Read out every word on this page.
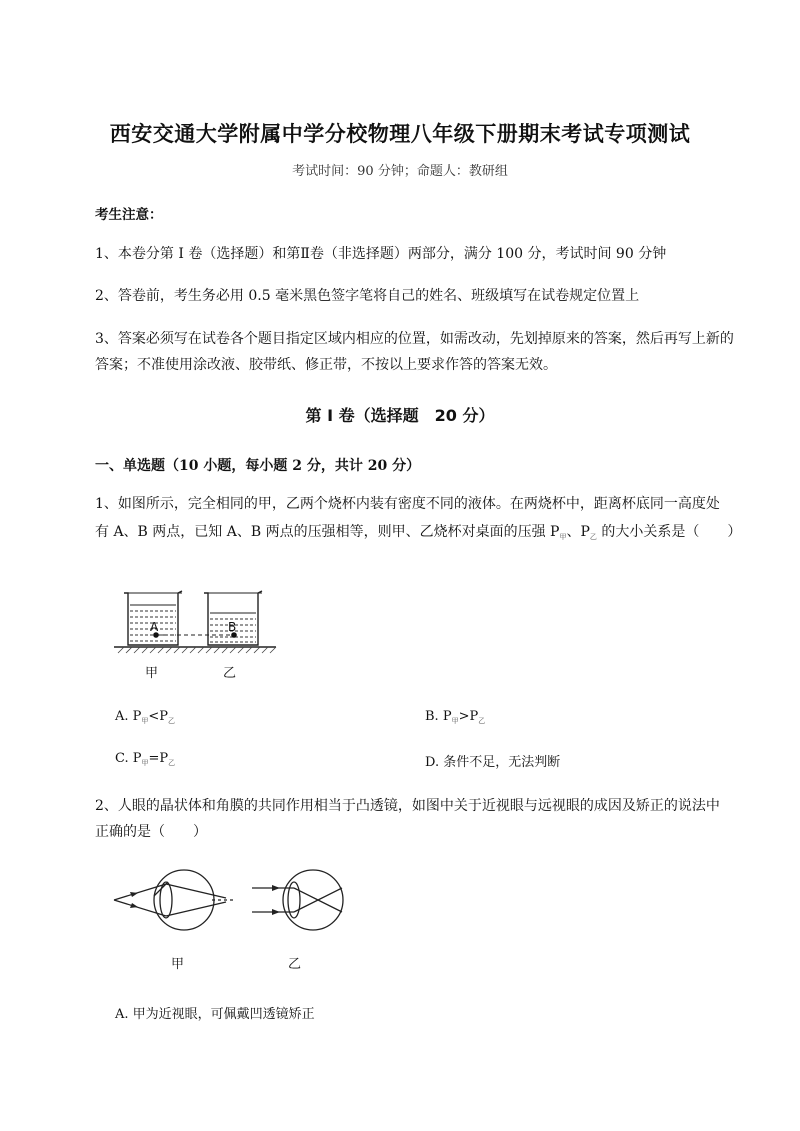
西安交通大学附属中学分校物理八年级下册期末考试专项测试
考试时间：90 分钟；命题人：教研组
考生注意：
1、本卷分第 I 卷（选择题）和第Ⅱ卷（非选择题）两部分，满分 100 分，考试时间 90 分钟
2、答卷前，考生务必用 0.5 毫米黑色签字笔将自己的姓名、班级填写在试卷规定位置上
3、答案必须写在试卷各个题目指定区域内相应的位置，如需改动，先划掉原来的答案，然后再写上新的答案；不准使用涂改液、胶带纸、修正带，不按以上要求作答的答案无效。
第 I 卷（选择题　20 分）
一、单选题（10 小题，每小题 2 分，共计 20 分）
1、如图所示，完全相同的甲，乙两个烧杯内装有密度不同的液体。在两烧杯中，距离杯底同一高度处
有 A、B 两点，已知 A、B 两点的压强相等，则甲、乙烧杯对桌面的压强 $P_甲$、$P_乙$ 的大小关系是（　　）
A	B
甲	乙
A. $P_甲<P_乙$	B. $P_甲>P_乙$
C. $P_甲=P_乙$	D. 条件不足，无法判断
2、人眼的晶状体和角膜的共同作用相当于凸透镜，如图中关于近视眼与远视眼的成因及矫正的说法中
正确的是（　　）
甲	乙
A. 甲为近视眼，可佩戴凹透镜矫正
